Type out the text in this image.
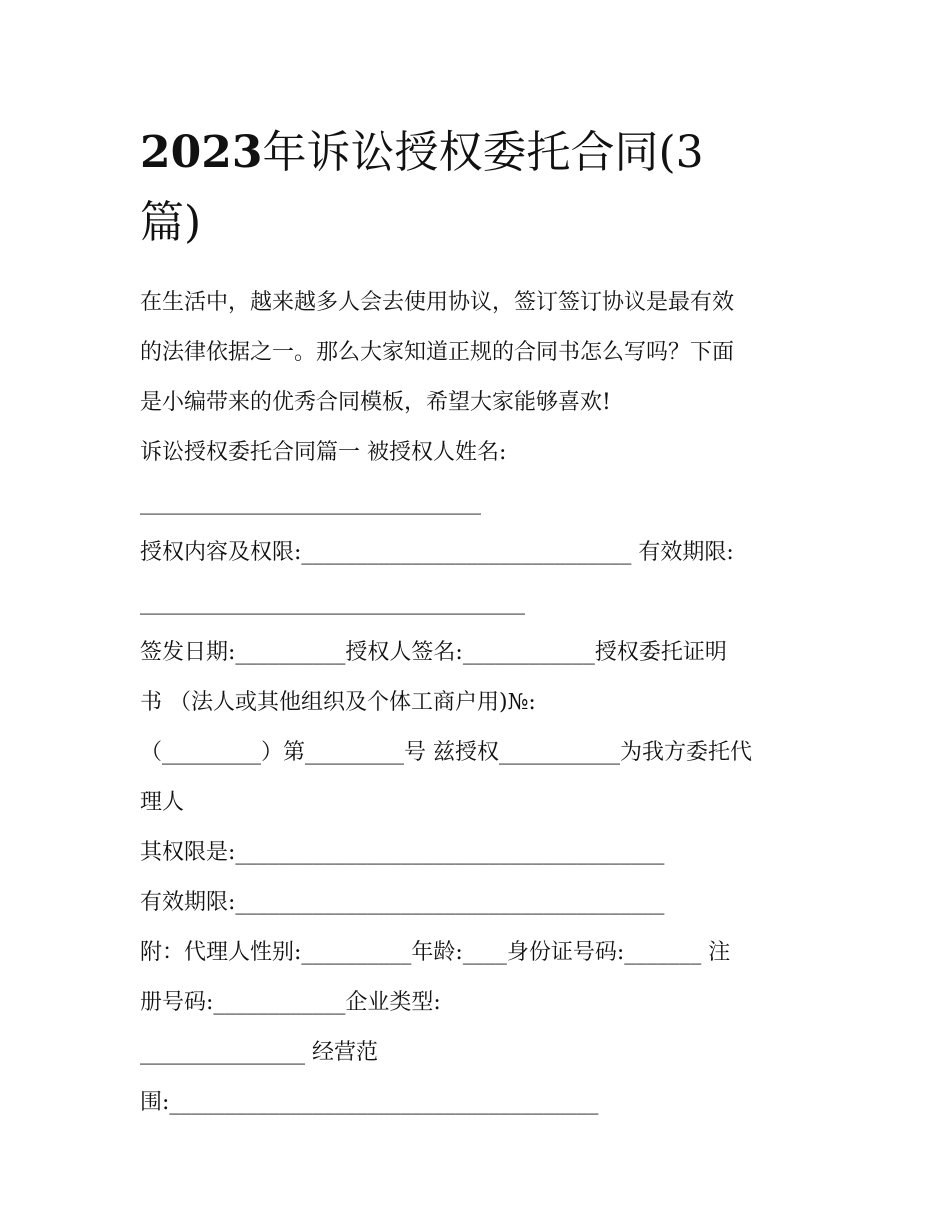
2023年诉讼授权委托合同(3
篇)
在生活中，越来越多人会去使用协议，签订签订协议是最有效
的法律依据之一。那么大家知道正规的合同书怎么写吗？下面
是小编带来的优秀合同模板，希望大家能够喜欢!
诉讼授权委托合同篇一 被授权人姓名:
_______________________________
授权内容及权限:______________________________ 有效期限:
___________________________________
签发日期:__________授权人签名:____________授权委托证明
书 （法人或其他组织及个体工商户用)№:
（_________）第_________号 兹授权___________为我方委托代
理人
其权限是:_______________________________________
有效期限:_______________________________________
附：代理人性别:__________年龄:____身份证号码:_______ 注
册号码:____________企业类型:
_______________ 经营范
围:_______________________________________
